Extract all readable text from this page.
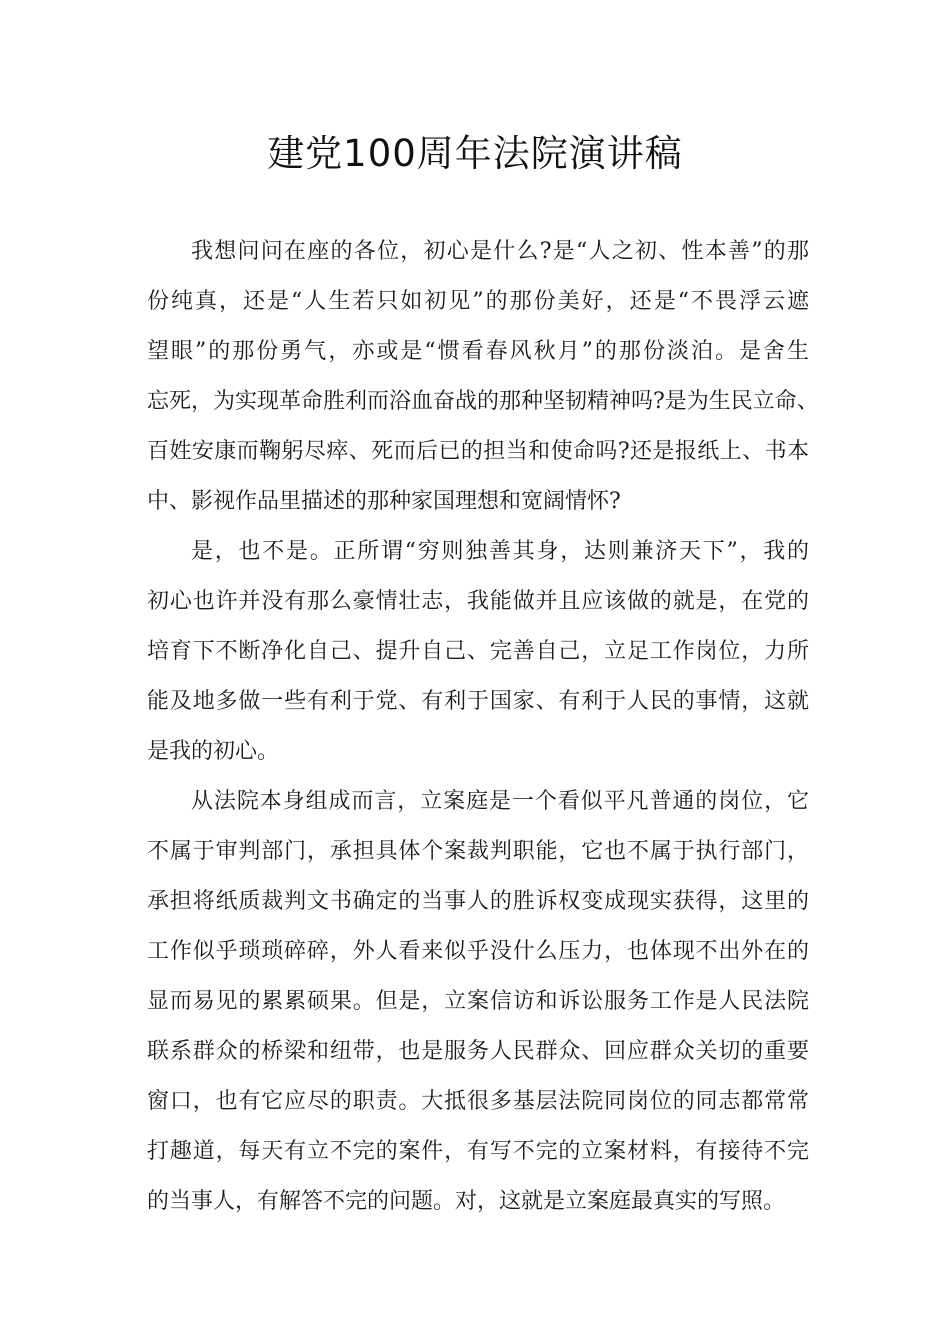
建党100周年法院演讲稿
我想问问在座的各位，初心是什么?是“人之初、性本善”的那
份纯真，还是“人生若只如初见”的那份美好，还是“不畏浮云遮
望眼”的那份勇气，亦或是“惯看春风秋月”的那份淡泊。是舍生
忘死，为实现革命胜利而浴血奋战的那种坚韧精神吗?是为生民立命、
百姓安康而鞠躬尽瘁、死而后已的担当和使命吗?还是报纸上、书本
中、影视作品里描述的那种家国理想和宽阔情怀?
是，也不是。正所谓“穷则独善其身，达则兼济天下”，我的
初心也许并没有那么豪情壮志，我能做并且应该做的就是，在党的
培育下不断净化自己、提升自己、完善自己，立足工作岗位，力所
能及地多做一些有利于党、有利于国家、有利于人民的事情，这就
是我的初心。
从法院本身组成而言，立案庭是一个看似平凡普通的岗位，它
不属于审判部门，承担具体个案裁判职能，它也不属于执行部门，
承担将纸质裁判文书确定的当事人的胜诉权变成现实获得，这里的
工作似乎琐琐碎碎，外人看来似乎没什么压力，也体现不出外在的
显而易见的累累硕果。但是，立案信访和诉讼服务工作是人民法院
联系群众的桥梁和纽带，也是服务人民群众、回应群众关切的重要
窗口，也有它应尽的职责。大抵很多基层法院同岗位的同志都常常
打趣道，每天有立不完的案件，有写不完的立案材料，有接待不完
的当事人，有解答不完的问题。对，这就是立案庭最真实的写照。
